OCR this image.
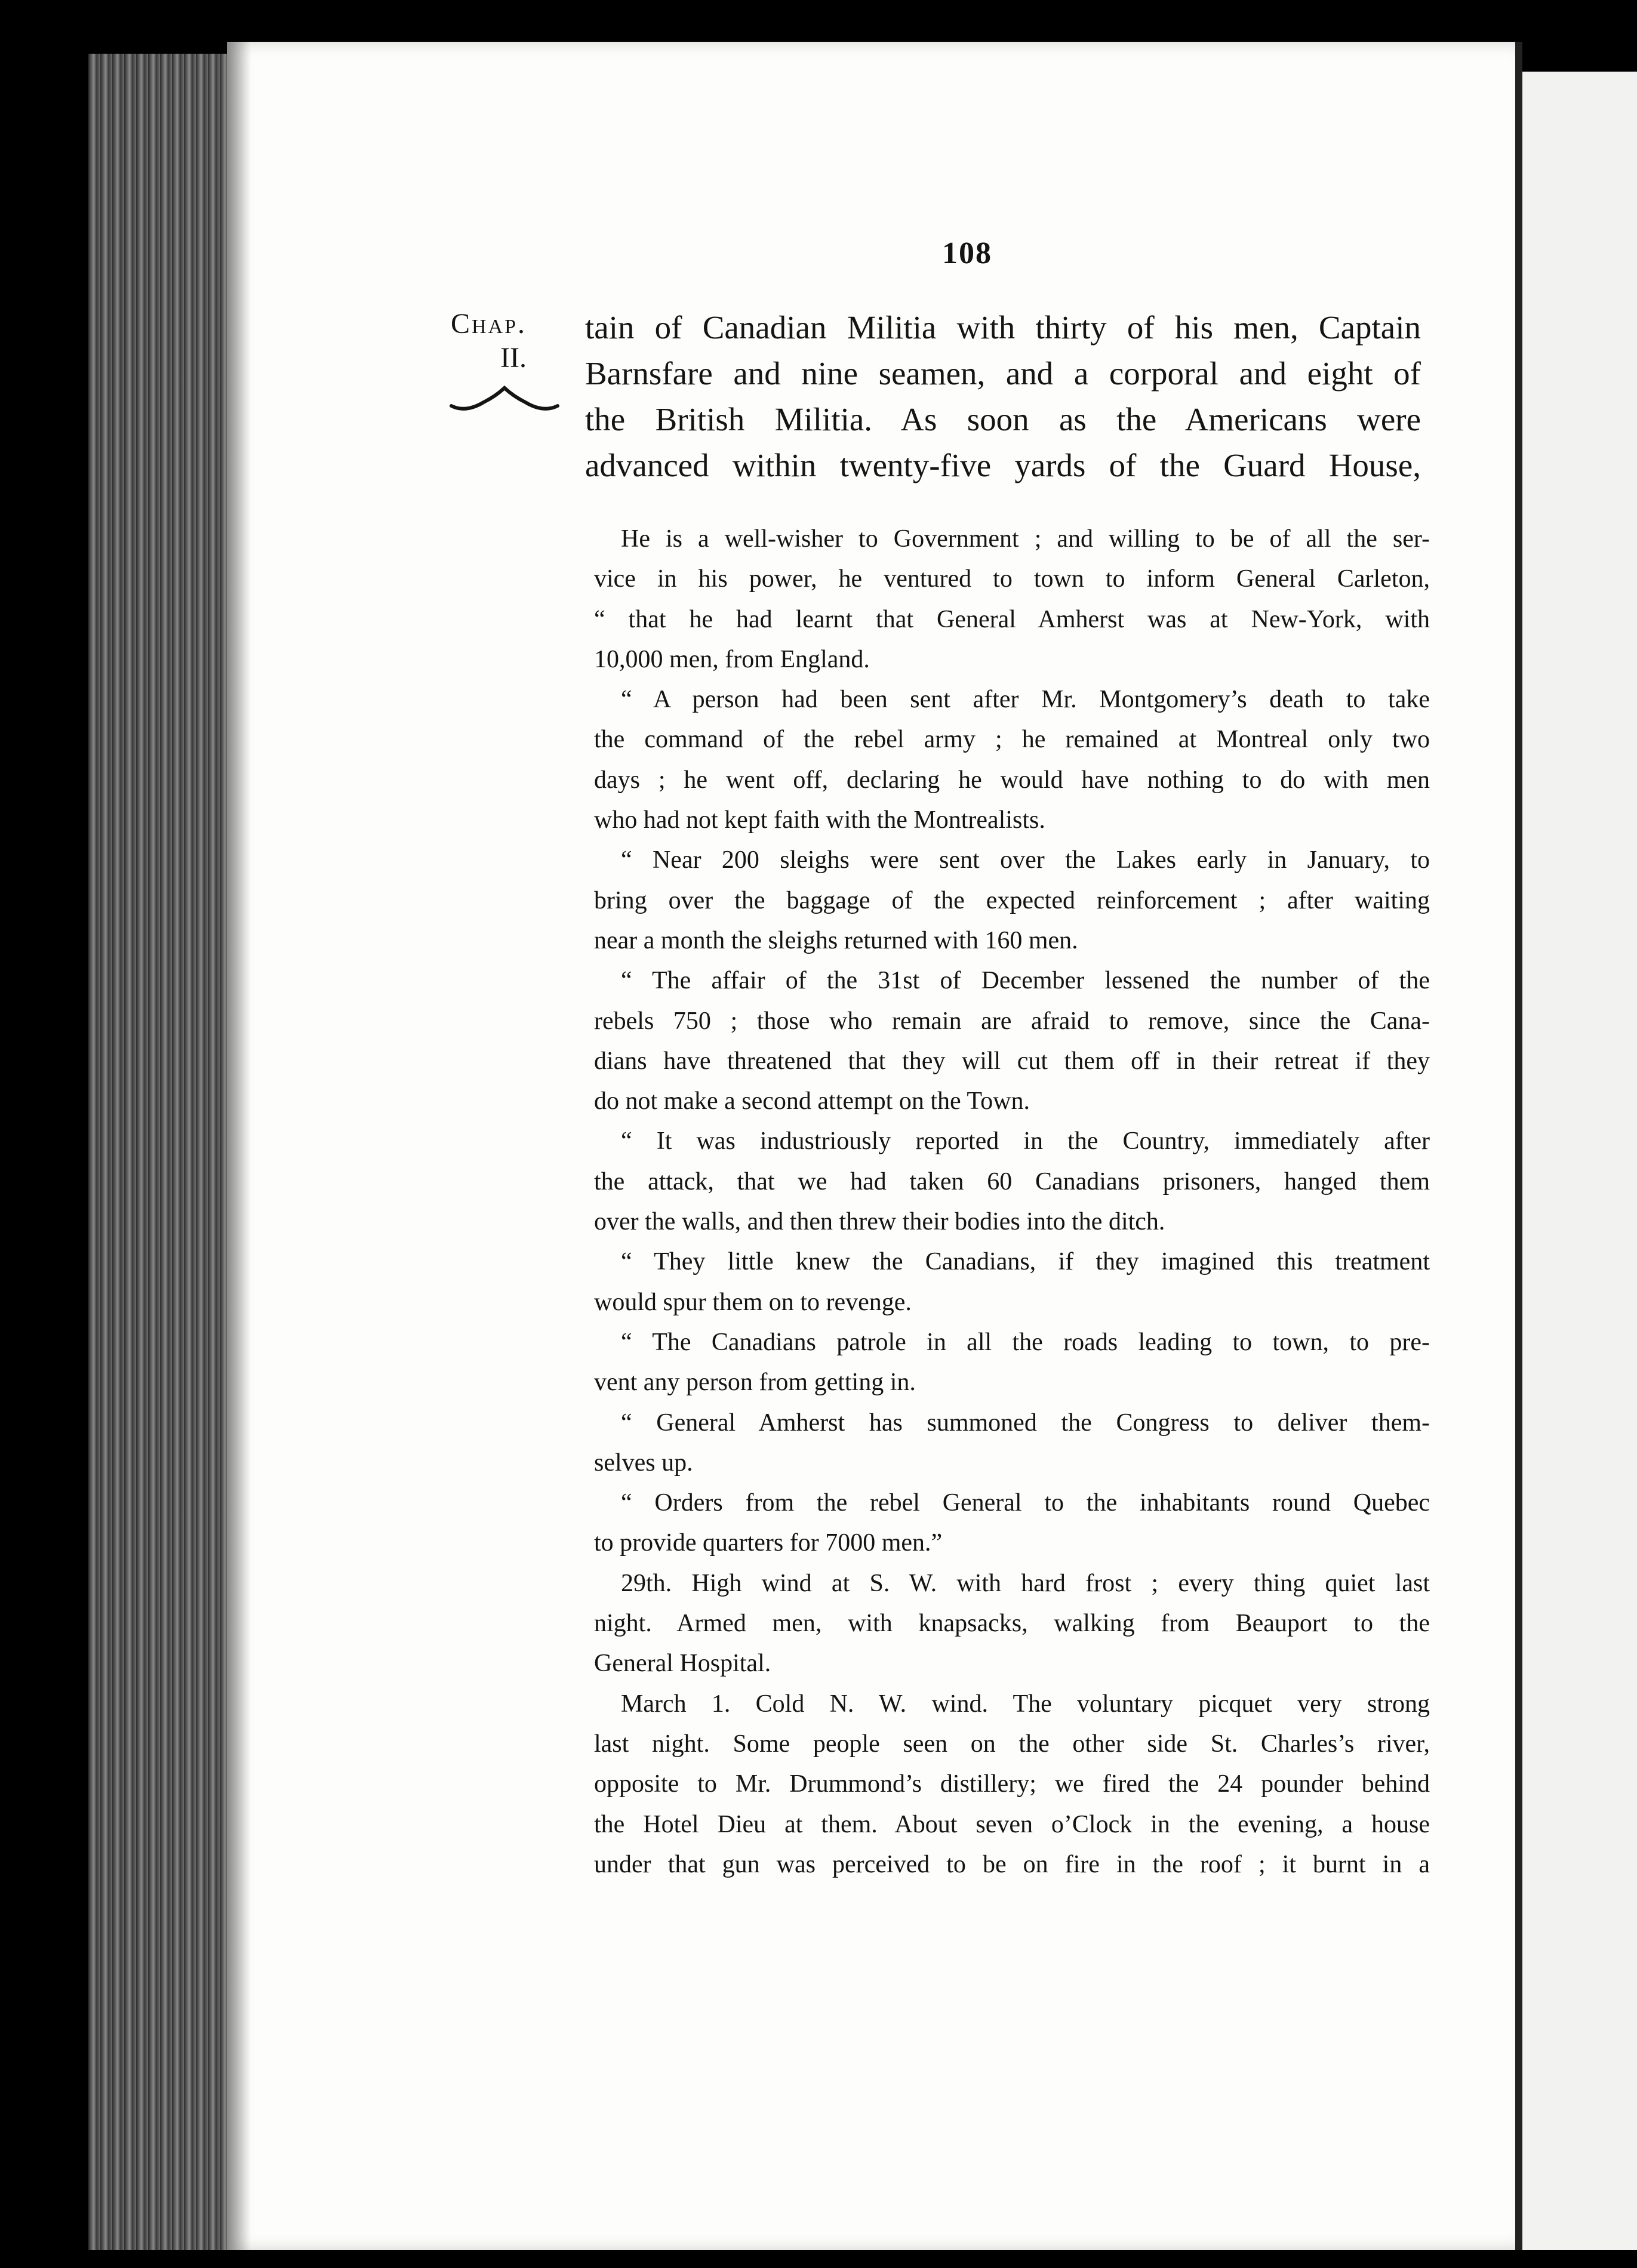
108
Chap.
II.
tain of Canadian Militia with thirty of his men, Captain
Barnsfare and nine seamen, and a corporal and eight of
the British Militia. As soon as the Americans were
advanced within twenty-five yards of the Guard House,
He is a well-wisher to Government ; and willing to be of all the ser-
vice in his power, he ventured to town to inform General Carleton,
“ that he had learnt that General Amherst was at New-York, with
10,000 men, from England.
“ A person had been sent after Mr. Montgomery’s death to take
the command of the rebel army ; he remained at Montreal only two
days ; he went off, declaring he would have nothing to do with men
who had not kept faith with the Montrealists.
“ Near 200 sleighs were sent over the Lakes early in January, to
bring over the baggage of the expected reinforcement ; after waiting
near a month the sleighs returned with 160 men.
“ The affair of the 31st of December lessened the number of the
rebels 750 ; those who remain are afraid to remove, since the Cana-
dians have threatened that they will cut them off in their retreat if they
do not make a second attempt on the Town.
“ It was industriously reported in the Country, immediately after
the attack, that we had taken 60 Canadians prisoners, hanged them
over the walls, and then threw their bodies into the ditch.
“ They little knew the Canadians, if they imagined this treatment
would spur them on to revenge.
“ The Canadians patrole in all the roads leading to town, to pre-
vent any person from getting in.
“ General Amherst has summoned the Congress to deliver them-
selves up.
“ Orders from the rebel General to the inhabitants round Quebec
to provide quarters for 7000 men.”
29th. High wind at S. W. with hard frost ; every thing quiet last
night. Armed men, with knapsacks, walking from Beauport to the
General Hospital.
March 1. Cold N. W. wind. The voluntary picquet very strong
last night. Some people seen on the other side St. Charles’s river,
opposite to Mr. Drummond’s distillery; we fired the 24 pounder behind
the Hotel Dieu at them. About seven o’Clock in the evening, a house
under that gun was perceived to be on fire in the roof ; it burnt in a
